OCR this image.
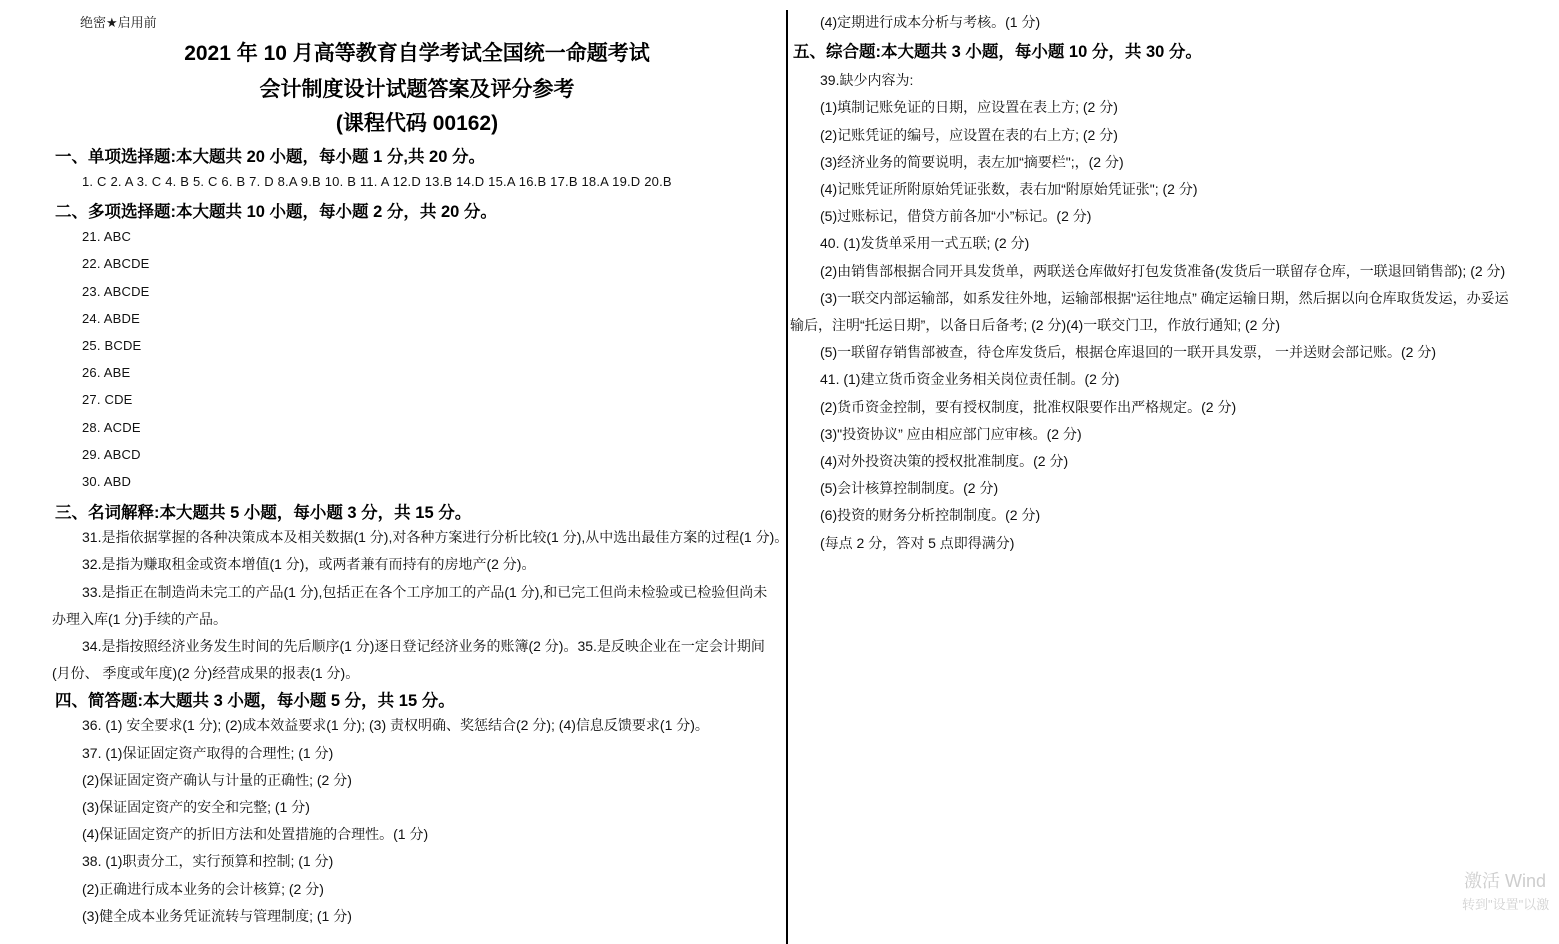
绝密★启用前
2021 年 10 月高等教育自学考试全国统一命题考试
会计制度设计试题答案及评分参考
(课程代码 00162)
一、单项选择题:本大题共 20 小题，每小题 1 分,共 20 分。

1. C 2. A 3. C 4. B 5. C 6. B 7. D 8.A 9.B 10. B 11. A 12.D 13.B 14.D 15.A 16.B 17.B 18.A 19.D 20.B

二、多项选择题:本大题共 10 小题，每小题 2 分，共 20 分。

21. ABC

22. ABCDE

23. ABCDE

24. ABDE

25. BCDE

26. ABE

27. CDE

28. ACDE

29. ABCD

30. ABD

三、名词解释:本大题共 5 小题，每小题 3 分，共 15 分。

31.是指依据掌握的各种决策成本及相关数据(1 分),对各种方案进行分析比较(1 分),从中选出最佳方案的过程(1 分)。

32.是指为赚取租金或资本增值(1 分)，或两者兼有而持有的房地产(2 分)。

33.是指正在制造尚未完工的产品(1 分),包括正在各个工序加工的产品(1 分),和已完工但尚未检验或已检验但尚未

办理入库(1 分)手续的产品。

34.是指按照经济业务发生时间的先后顺序(1 分)逐日登记经济业务的账簿(2 分)。35.是反映企业在一定会计期间

(月份、 季度或年度)(2 分)经营成果的报表(1 分)。

四、简答题:本大题共 3 小题，每小题 5 分，共 15 分。

36. (1) 安全要求(1 分); (2)成本效益要求(1 分); (3) 责权明确、奖惩结合(2 分); (4)信息反馈要求(1 分)。

37. (1)保证固定资产取得的合理性; (1 分)

(2)保证固定资产确认与计量的正确性; (2 分)

(3)保证固定资产的安全和完整; (1 分)

(4)保证固定资产的折旧方法和处置措施的合理性。(1 分)

38. (1)职责分工，实行预算和控制; (1 分)

(2)正确进行成本业务的会计核算; (2 分)

(3)健全成本业务凭证流转与管理制度; (1 分)

(4)定期进行成本分析与考核。(1 分)

五、综合题:本大题共 3 小题，每小题 10 分，共 30 分。

39.缺少内容为:

(1)填制记账免证的日期，应设置在表上方; (2 分)

(2)记账凭证的编号，应设置在表的右上方; (2 分)

(3)经济业务的简要说明，表左加“摘要栏";，(2 分)

(4)记账凭证所附原始凭证张数，表右加“附原始凭证张"; (2 分)

(5)过账标记，借贷方前各加“小”标记。(2 分)

40. (1)发货单采用一式五联; (2 分)

(2)由销售部根据合同开具发货单，两联送仓库做好打包发货准备(发货后一联留存仓库，一联退回销售部); (2 分)

(3)一联交内部运输部，如系发往外地，运输部根据"运往地点” 确定运输日期，然后据以向仓库取货发运，办妥运

输后，注明“托运日期”，以备日后备考; (2 分)(4)一联交门卫，作放行通知; (2 分)

(5)一联留存销售部被查，待仓库发货后，根据仓库退回的一联开具发票， 一并送财会部记账。(2 分)

41. (1)建立货币资金业务相关岗位责任制。(2 分)

(2)货币资金控制，要有授权制度，批准权限要作出严格规定。(2 分)

(3)"投资协议” 应由相应部门应审核。(2 分)

(4)对外投资决策的授权批准制度。(2 分)

(5)会计核算控制制度。(2 分)

(6)投资的财务分析控制制度。(2 分)

(每点 2 分，答对 5 点即得满分)

激活 Wind
转到"设置"以激
